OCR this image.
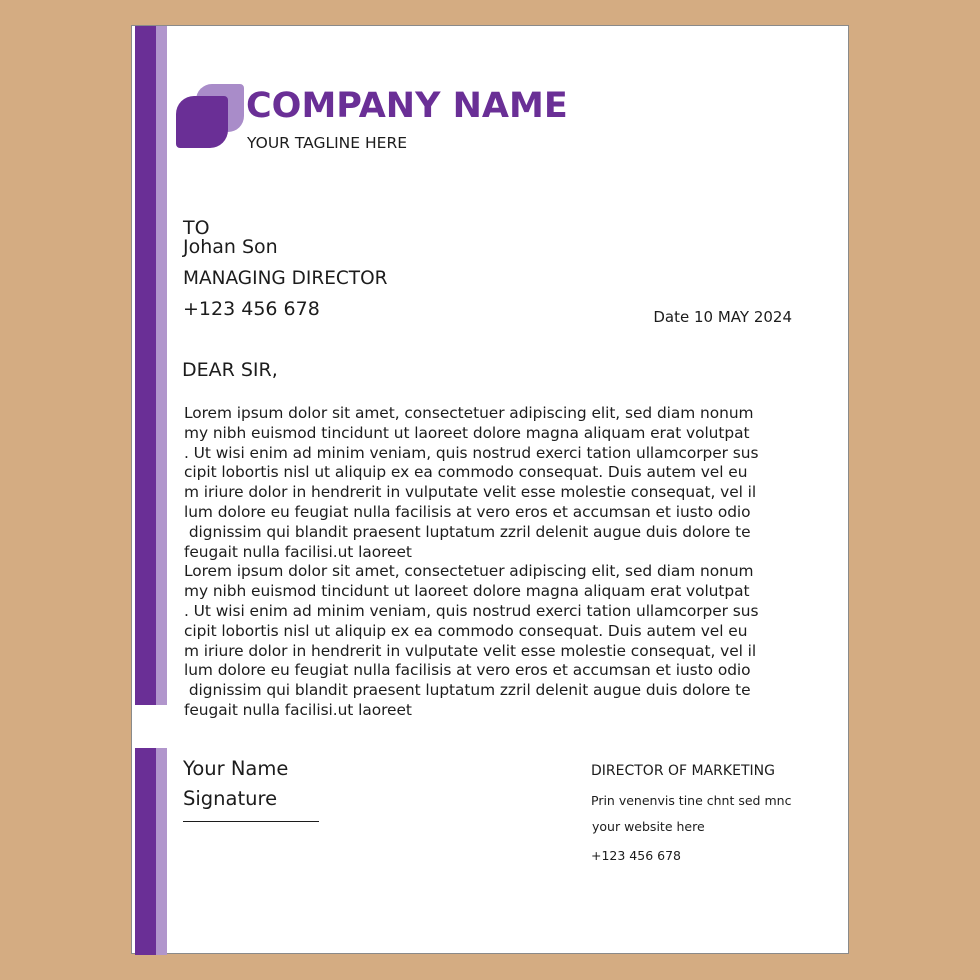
COMPANY NAME
YOUR TAGLINE HERE
TO
Johan Son
MANAGING DIRECTOR
+123 456 678	Date 10 MAY 2024
DEAR SIR,
Lorem ipsum dolor sit amet, consectetuer adipiscing elit, sed diam nonum
my nibh euismod tincidunt ut laoreet dolore magna aliquam erat volutpat
. Ut wisi enim ad minim veniam, quis nostrud exerci tation ullamcorper sus
cipit lobortis nisl ut aliquip ex ea commodo consequat. Duis autem vel eu
m iriure dolor in hendrerit in vulputate velit esse molestie consequat, vel il
lum dolore eu feugiat nulla facilisis at vero eros et accumsan et iusto odio
dignissim qui blandit praesent luptatum zzril delenit augue duis dolore te
feugait nulla facilisi.ut laoreet
Lorem ipsum dolor sit amet, consectetuer adipiscing elit, sed diam nonum
my nibh euismod tincidunt ut laoreet dolore magna aliquam erat volutpat
. Ut wisi enim ad minim veniam, quis nostrud exerci tation ullamcorper sus
cipit lobortis nisl ut aliquip ex ea commodo consequat. Duis autem vel eu
m iriure dolor in hendrerit in vulputate velit esse molestie consequat, vel il
lum dolore eu feugiat nulla facilisis at vero eros et accumsan et iusto odio
dignissim qui blandit praesent luptatum zzril delenit augue duis dolore te
feugait nulla facilisi.ut laoreet
Your Name
Signature
DIRECTOR OF MARKETING
Prin venenvis tine chnt sed mnc
your website here
+123 456 678
